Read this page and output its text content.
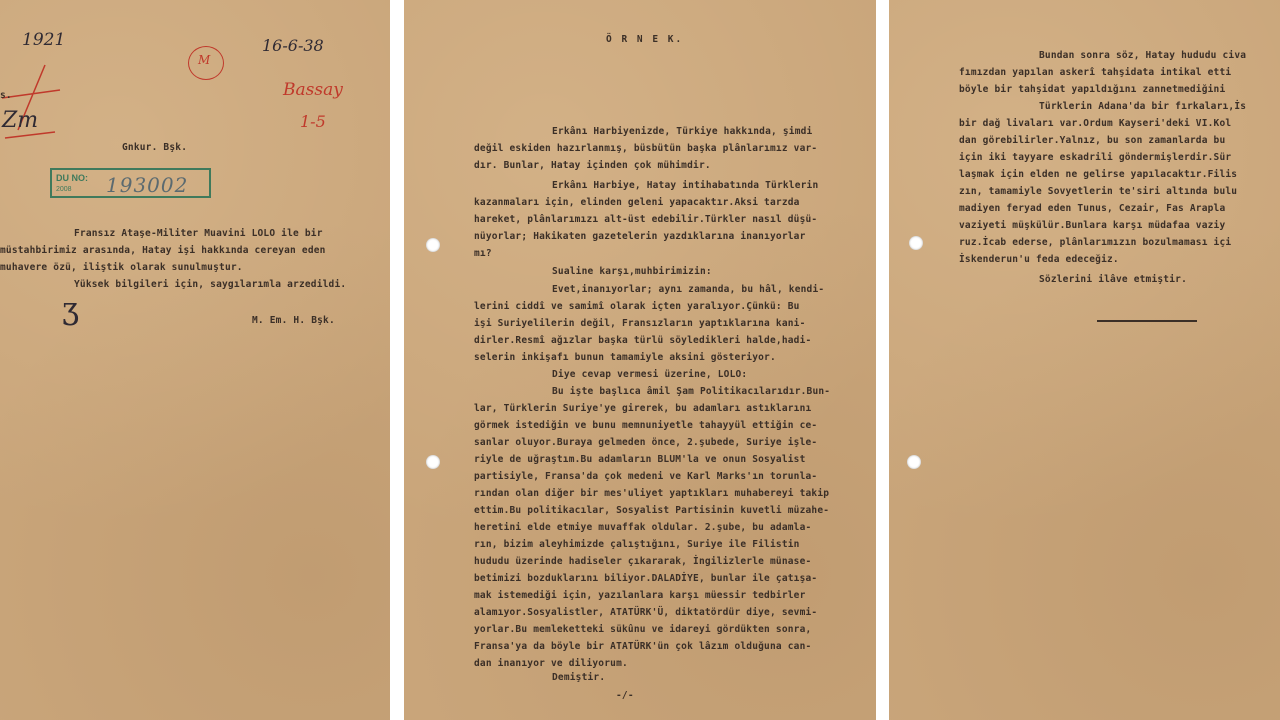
1921	16-6-38
M
Bassay
1-5
Zm
s.
Gnkur. Bşk.
DU NO:
2008 193002
Fransız Ataşe-Militer Muavini LOLO ile bir
müstahbirimiz arasında, Hatay işi hakkında cereyan eden
muhavere özü, iliştik olarak sunulmuştur.
Yüksek bilgileri için, saygılarımla arzedildi.
ʒ	M. Em. H. Bşk.
Ö R N E K.
Erkânı Harbiyenizde, Türkiye hakkında, şimdi
değil eskiden hazırlanmış, büsbütün başka plânlarımız var-
dır. Bunlar, Hatay içinden çok mühimdir.
Erkânı Harbiye, Hatay intihabatında Türklerin
kazanmaları için, elinden geleni yapacaktır.Aksi tarzda
hareket, plânlarımızı alt-üst edebilir.Türkler nasıl düşü-
nüyorlar; Hakikaten gazetelerin yazdıklarına inanıyorlar
mı?
Sualine karşı,muhbirimizin:
Evet,inanıyorlar; aynı zamanda, bu hâl, kendi-
lerini ciddî ve samimî olarak içten yaralıyor.Çünkü: Bu
işi Suriyelilerin değil, Fransızların yaptıklarına kani-
dirler.Resmî ağızlar başka türlü söyledikleri halde,hadi-
selerin inkişafı bunun tamamiyle aksini gösteriyor.
Diye cevap vermesi üzerine, LOLO:
Bu işte başlıca âmil Şam Politikacılarıdır.Bun-
lar, Türklerin Suriye'ye girerek, bu adamları astıklarını
görmek istediğin ve bunu memnuniyetle tahayyül ettiğin ce-
sanlar oluyor.Buraya gelmeden önce, 2.şubede, Suriye işle-
riyle de uğraştım.Bu adamların BLUM'la ve onun Sosyalist
partisiyle, Fransa'da çok medeni ve Karl Marks'ın torunla-
rından olan diğer bir mes'uliyet yaptıkları muhabereyi takip
ettim.Bu politikacılar, Sosyalist Partisinin kuvetli müzahe-
heretini elde etmiye muvaffak oldular. 2.şube, bu adamla-
rın, bizim aleyhimizde çalıştığını, Suriye ile Filistin
hududu üzerinde hadiseler çıkararak, İngilizlerle münase-
betimizi bozduklarını biliyor.DALADİYE, bunlar ile çatışa-
mak istemediği için, yazılanlara karşı müessir tedbirler
alamıyor.Sosyalistler, ATATÜRK'Ü, diktatördür diye, sevmi-
yorlar.Bu memleketteki sükûnu ve idareyi gördükten sonra,
Fransa'ya da böyle bir ATATÜRK'ün çok lâzım olduğuna can-
dan inanıyor ve diliyorum.
Demiştir.
-/-
Bundan sonra söz, Hatay hududu civa
fımızdan yapılan askerî tahşidata intikal etti
böyle bir tahşidat yapıldığını zannetmediğini
Türklerin Adana'da bir fırkaları,İs
bir dağ livaları var.Ordum Kayseri'deki VI.Kol
dan görebilirler.Yalnız, bu son zamanlarda bu
için iki tayyare eskadrili göndermişlerdir.Sür
laşmak için elden ne gelirse yapılacaktır.Filis
zın, tamamiyle Sovyetlerin te'siri altında bulu
madiyen feryad eden Tunus, Cezair, Fas Arapla
vaziyeti müşkülür.Bunlara karşı müdafaa vaziy
ruz.İcab ederse, plânlarımızın bozulmaması içi
İskenderun'u feda edeceğiz.
Sözlerini ilâve etmiştir.
